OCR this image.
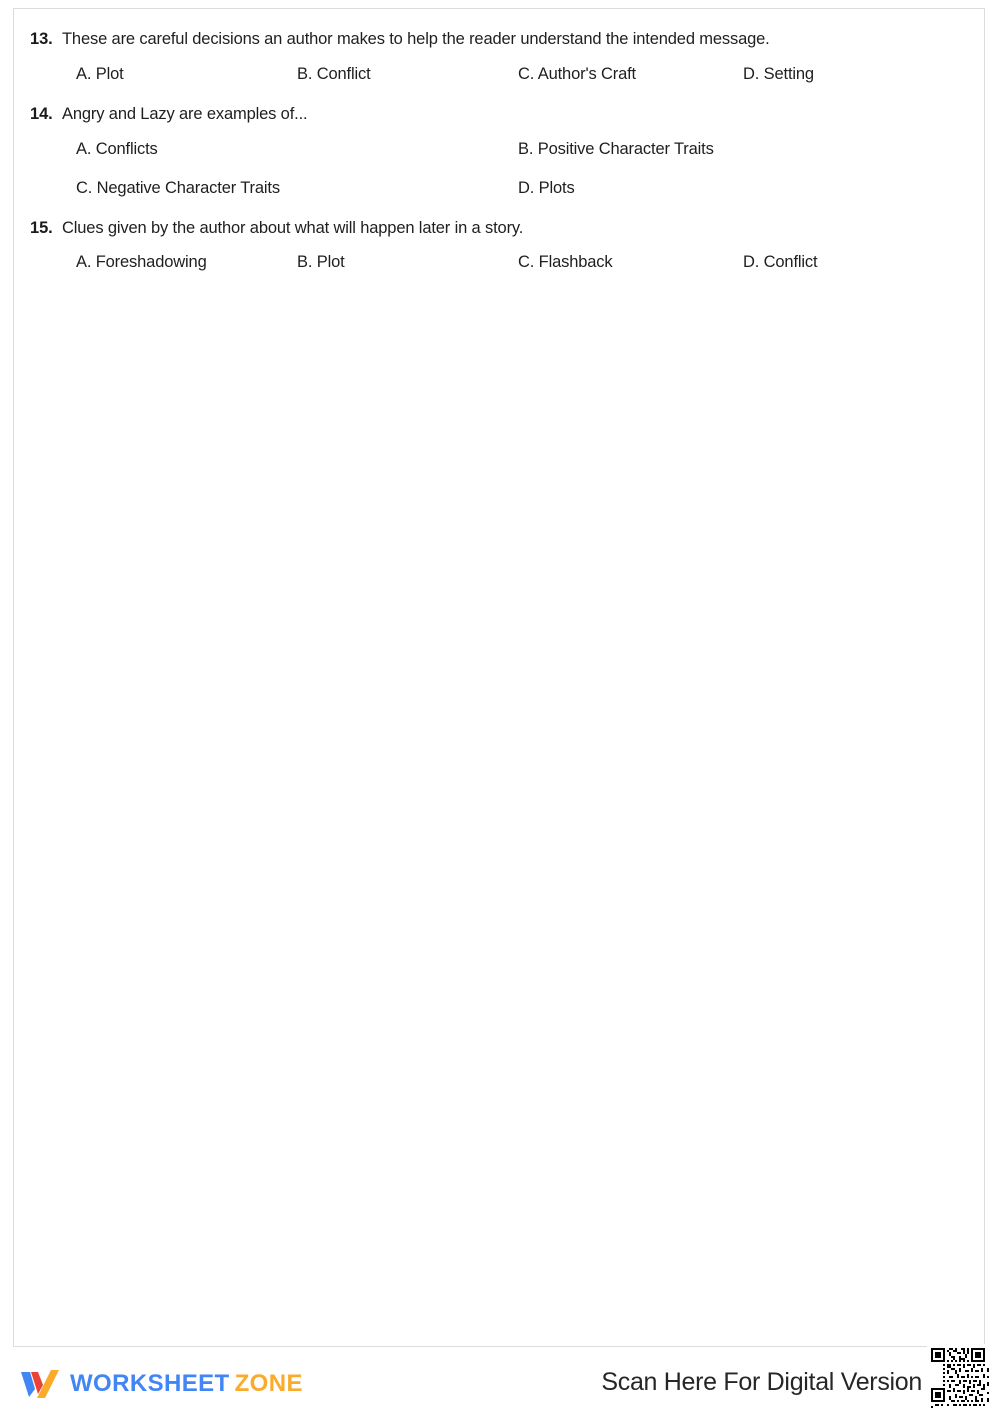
13. These are careful decisions an author makes to help the reader understand the intended message.
A. Plot	B. Conflict	C. Author's Craft	D. Setting
14. Angry and Lazy are examples of...
A. Conflicts	B. Positive Character Traits
C. Negative Character Traits	D. Plots
15. Clues given by the author about what will happen later in a story.
A. Foreshadowing	B. Plot	C. Flashback	D. Conflict
WORKSHEET ZONE	Scan Here For Digital Version
